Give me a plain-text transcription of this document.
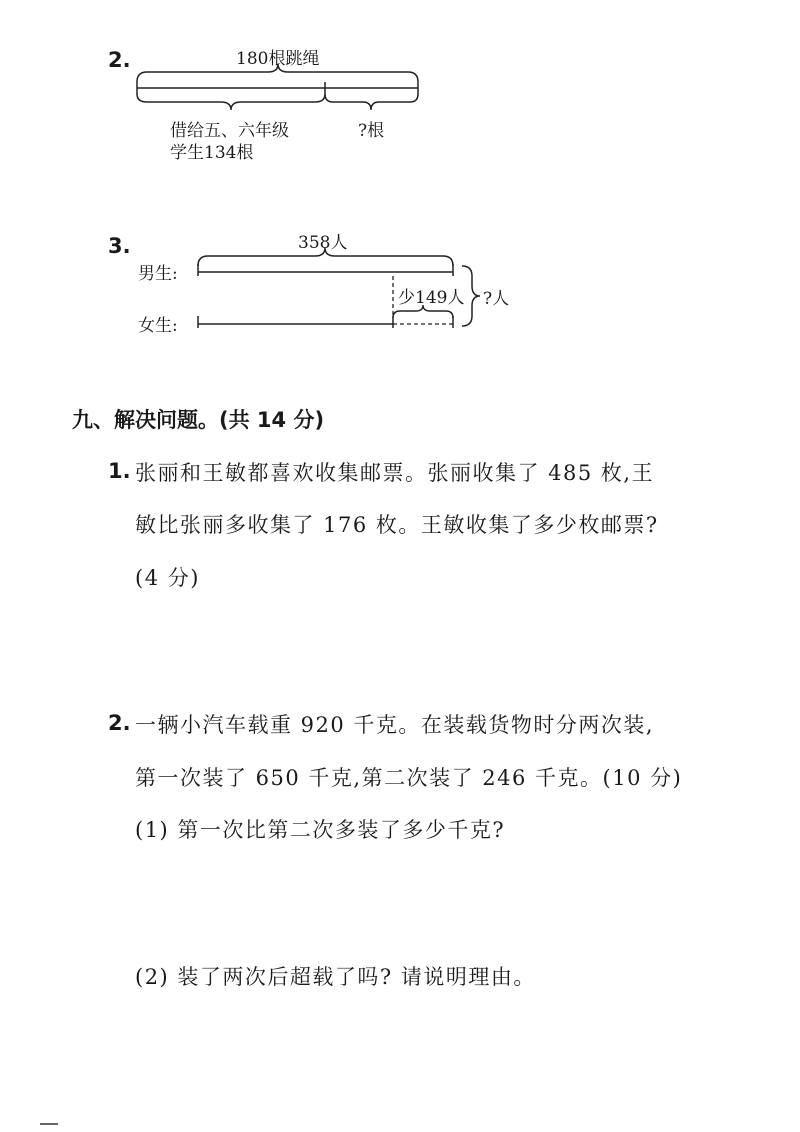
2.	180根跳绳
借给五、六年级
学生134根
?根
3.	358人
男生:
女生:
少149人 ?人
九、解决问题。(共 14 分)
1. 张丽和王敏都喜欢收集邮票。张丽收集了 485 枚,王
敏比张丽多收集了 176 枚。王敏收集了多少枚邮票?
(4 分)
2. 一辆小汽车载重 920 千克。在装载货物时分两次装,
第一次装了 650 千克,第二次装了 246 千克。(10 分)
(1) 第一次比第二次多装了多少千克?
(2) 装了两次后超载了吗? 请说明理由。
